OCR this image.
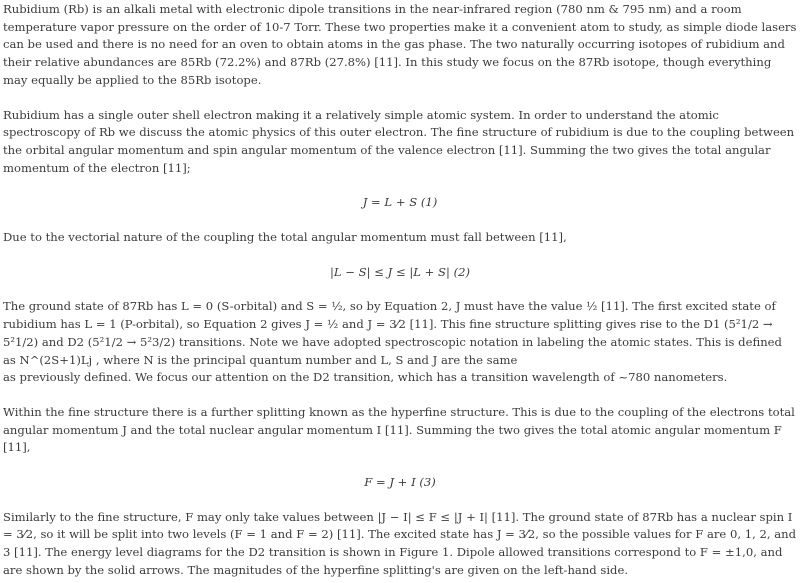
Rubidium (Rb) is an alkali metal with electronic dipole transitions in the near-infrared region (780 nm & 795 nm) and a room temperature vapor pressure on the order of 10-7 Torr. These two properties make it a convenient atom to study, as simple diode lasers can be used and there is no need for an oven to obtain atoms in the gas phase. The two naturally occurring isotopes of rubidium and their relative abundances are 85Rb (72.2%) and 87Rb (27.8%) [11]. In this study we focus on the 87Rb isotope, though everything may equally be applied to the 85Rb isotope.

Rubidium has a single outer shell electron making it a relatively simple atomic system. In order to understand the atomic spectroscopy of Rb we discuss the atomic physics of this outer electron. The fine structure of rubidium is due to the coupling between the orbital angular momentum and spin angular momentum of the valence electron [11]. Summing the two gives the total angular momentum of the electron [11];

J = L + S (1)

Due to the vectorial nature of the coupling the total angular momentum must fall between [11],

|L − S| ≤ J ≤ |L + S| (2)

The ground state of 87Rb has L = 0 (S-orbital) and S = ½, so by Equation 2, J must have the value ½ [11]. The first excited state of rubidium has L = 1 (P-orbital), so Equation 2 gives J = ½ and J = 3⁄2 [11]. This fine structure splitting gives rise to the D1 (5²1/2 → 5²1/2) and D2 (5²1/2 → 5²3/2) transitions. Note we have adopted spectroscopic notation in labeling the atomic states. This is defined as N^(2S+1)Lj , where N is the principal quantum number and L, S and J are the same

as previously defined. We focus our attention on the D2 transition, which has a transition wavelength of ~780 nanometers.

Within the fine structure there is a further splitting known as the hyperfine structure. This is due to the coupling of the electrons total angular momentum J and the total nuclear angular momentum I [11]. Summing the two gives the total atomic angular momentum F [11],

F = J + I (3)

Similarly to the fine structure, F may only take values between |J − I| ≤ F ≤ |J + I| [11]. The ground state of 87Rb has a nuclear spin I = 3⁄2, so it will be split into two levels (F = 1 and F = 2) [11]. The excited state has J = 3⁄2, so the possible values for F are 0, 1, 2, and 3 [11]. The energy level diagrams for the D2 transition is shown in Figure 1. Dipole allowed transitions correspond to F = ±1,0, and are shown by the solid arrows. The magnitudes of the hyperfine splitting's are given on the left-hand side.
